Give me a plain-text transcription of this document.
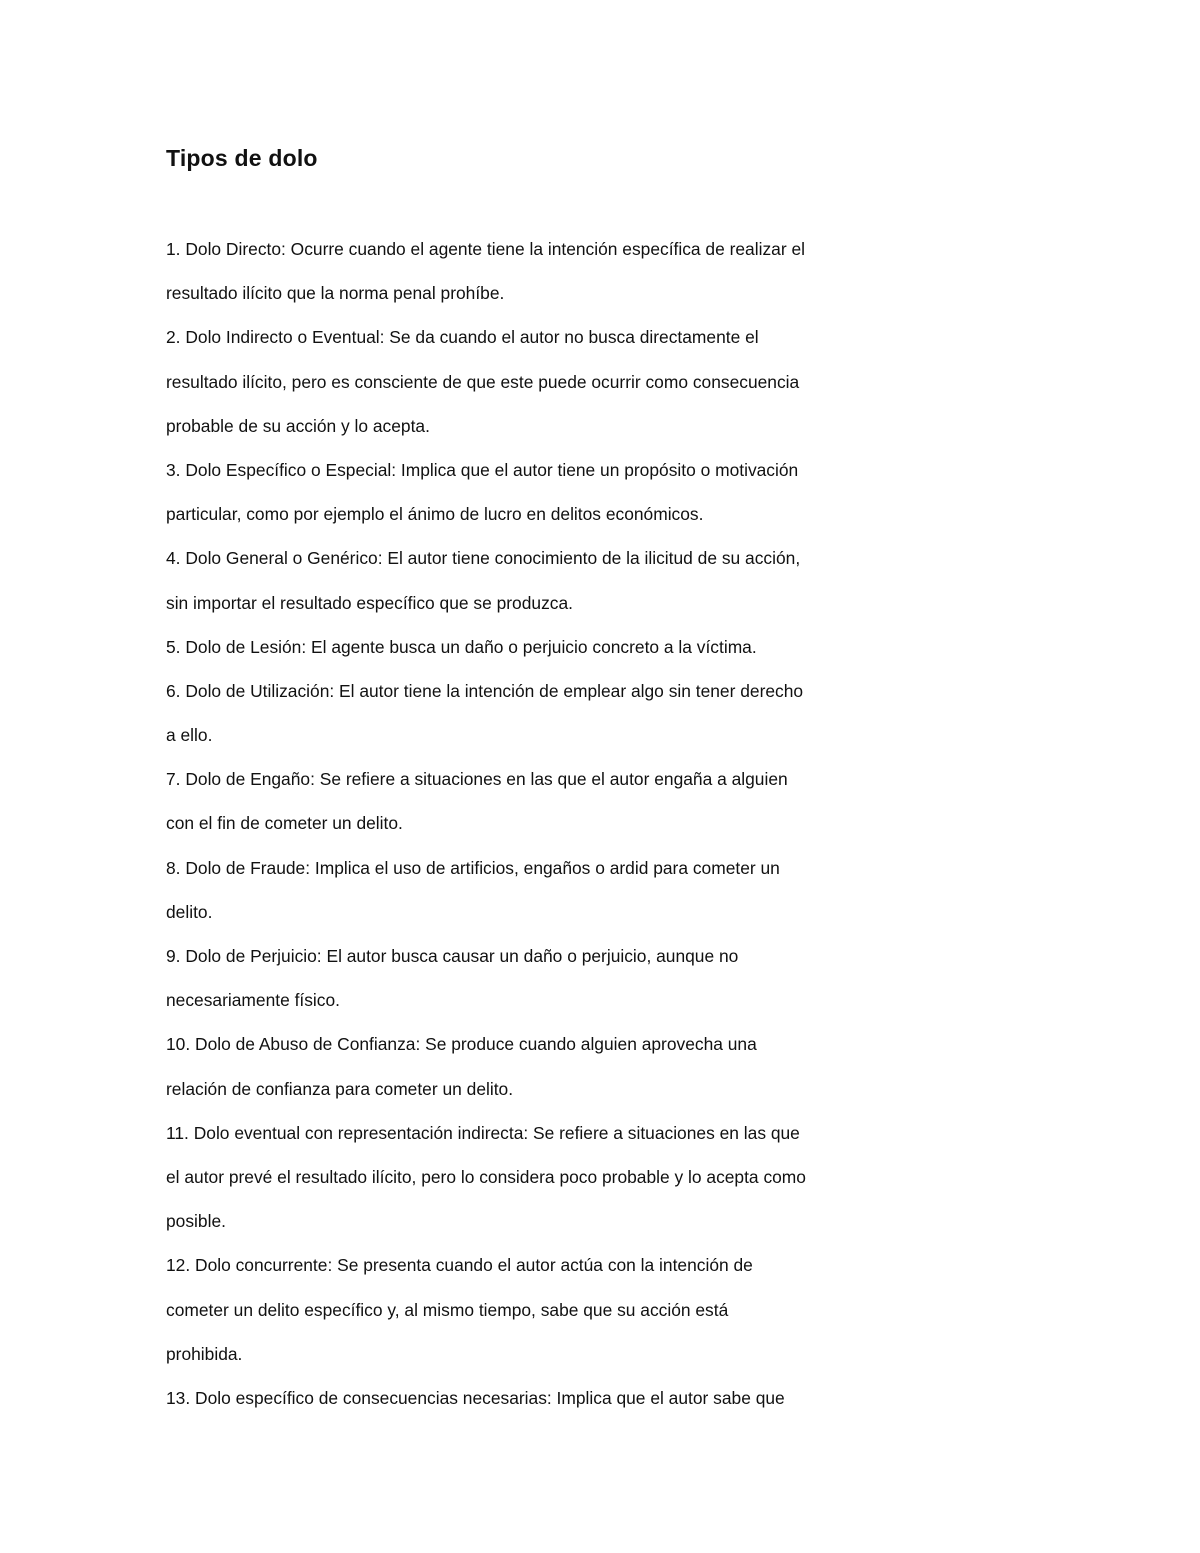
Tipos de dolo
1. Dolo Directo: Ocurre cuando el agente tiene la intención específica de realizar el
resultado ilícito que la norma penal prohíbe.
2. Dolo Indirecto o Eventual: Se da cuando el autor no busca directamente el
resultado ilícito, pero es consciente de que este puede ocurrir como consecuencia
probable de su acción y lo acepta.
3. Dolo Específico o Especial: Implica que el autor tiene un propósito o motivación
particular, como por ejemplo el ánimo de lucro en delitos económicos.
4. Dolo General o Genérico: El autor tiene conocimiento de la ilicitud de su acción,
sin importar el resultado específico que se produzca.
5. Dolo de Lesión: El agente busca un daño o perjuicio concreto a la víctima.
6. Dolo de Utilización: El autor tiene la intención de emplear algo sin tener derecho
a ello.
7. Dolo de Engaño: Se refiere a situaciones en las que el autor engaña a alguien
con el fin de cometer un delito.
8. Dolo de Fraude: Implica el uso de artificios, engaños o ardid para cometer un
delito.
9. Dolo de Perjuicio: El autor busca causar un daño o perjuicio, aunque no
necesariamente físico.
10. Dolo de Abuso de Confianza: Se produce cuando alguien aprovecha una
relación de confianza para cometer un delito.
11. Dolo eventual con representación indirecta: Se refiere a situaciones en las que
el autor prevé el resultado ilícito, pero lo considera poco probable y lo acepta como
posible.
12. Dolo concurrente: Se presenta cuando el autor actúa con la intención de
cometer un delito específico y, al mismo tiempo, sabe que su acción está
prohibida.
13. Dolo específico de consecuencias necesarias: Implica que el autor sabe que
